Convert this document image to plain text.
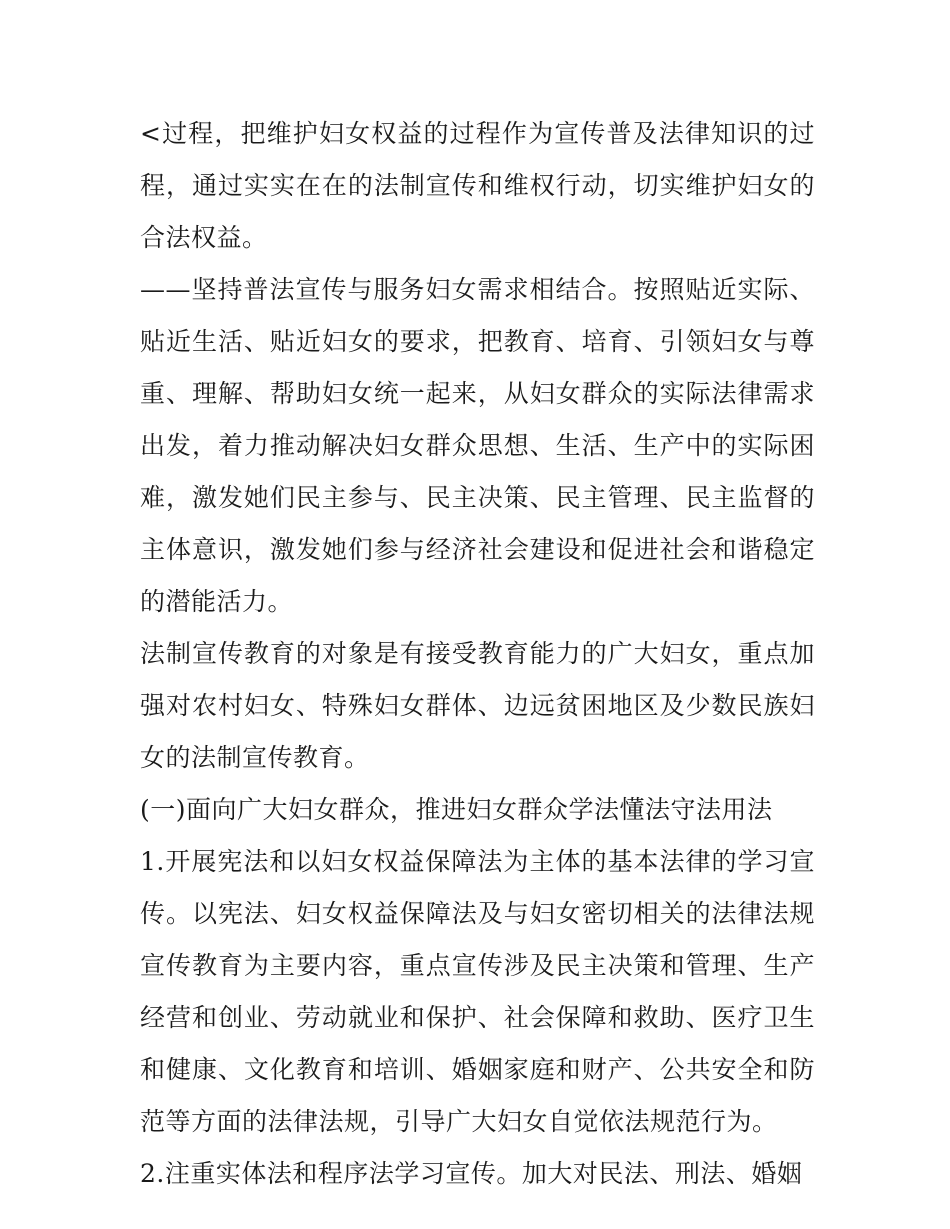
<过程，把维护妇女权益的过程作为宣传普及法律知识的过程，通过实实在在的法制宣传和维权行动，切实维护妇女的合法权益。

——坚持普法宣传与服务妇女需求相结合。按照贴近实际、贴近生活、贴近妇女的要求，把教育、培育、引领妇女与尊重、理解、帮助妇女统一起来，从妇女群众的实际法律需求出发，着力推动解决妇女群众思想、生活、生产中的实际困难，激发她们民主参与、民主决策、民主管理、民主监督的主体意识，激发她们参与经济社会建设和促进社会和谐稳定的潜能活力。

法制宣传教育的对象是有接受教育能力的广大妇女，重点加强对农村妇女、特殊妇女群体、边远贫困地区及少数民族妇女的法制宣传教育。

(一)面向广大妇女群众，推进妇女群众学法懂法守法用法

1.开展宪法和以妇女权益保障法为主体的基本法律的学习宣传。以宪法、妇女权益保障法及与妇女密切相关的法律法规宣传教育为主要内容，重点宣传涉及民主决策和管理、生产经营和创业、劳动就业和保护、社会保障和救助、医疗卫生和健康、文化教育和培训、婚姻家庭和财产、公共安全和防范等方面的法律法规，引导广大妇女自觉依法规范行为。

2.注重实体法和程序法学习宣传。加大对民法、刑法、婚姻
